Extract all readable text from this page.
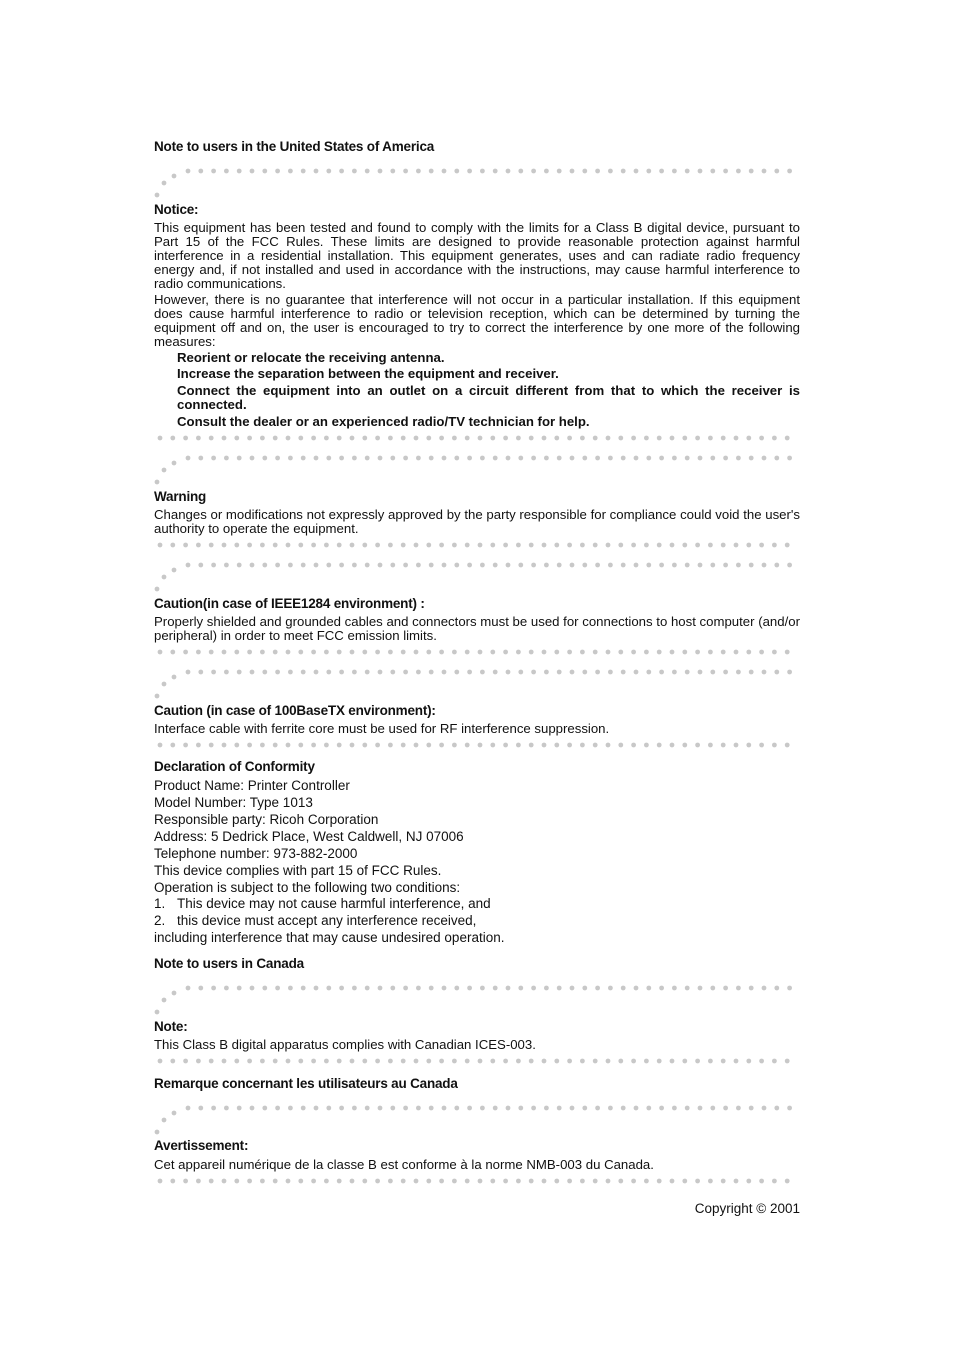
Note to users in the United States of America
Notice:
This equipment has been tested and found to comply with the limits for a Class B digital device, pursuant to Part 15 of the FCC Rules. These limits are designed to provide reasonable protection against harmful interference in a residential installation. This equipment generates, uses and can radiate radio frequency energy and, if not installed and used in accordance with the instructions, may cause harmful interference to radio communications.
However, there is no guarantee that interference will not occur in a particular installation. If this equipment does cause harmful interference to radio or television reception, which can be determined by turning the equipment off and on, the user is encouraged to try to correct the interference by one more of the following measures:
Reorient or relocate the receiving antenna.
Increase the separation between the equipment and receiver.
Connect the equipment into an outlet on a circuit different from that to which the receiver is connected.
Consult the dealer or an experienced radio/TV technician for help.
Warning
Changes or modifications not expressly approved by the party responsible for compliance could void the user's authority to operate the equipment.
Caution(in case of IEEE1284 environment) :
Properly shielded and grounded cables and connectors must be used for connections to host computer (and/or peripheral) in order to meet FCC emission limits.
Caution (in case of 100BaseTX environment):
Interface cable with ferrite core must be used for RF interference suppression.
Declaration of Conformity
Product Name: Printer Controller
Model Number: Type 1013
Responsible party: Ricoh Corporation
Address: 5 Dedrick Place, West Caldwell, NJ 07006
Telephone number: 973-882-2000
This device complies with part 15 of FCC Rules.
Operation is subject to the following two conditions:
1. This device may not cause harmful interference, and
2. this device must accept any interference received,
including interference that may cause undesired operation.
Note to users in Canada
Note:
This Class B digital apparatus complies with Canadian ICES-003.
Remarque concernant les utilisateurs au Canada
Avertissement:
Cet appareil numérique de la classe B est conforme à la norme NMB-003 du Canada.
Copyright © 2001
